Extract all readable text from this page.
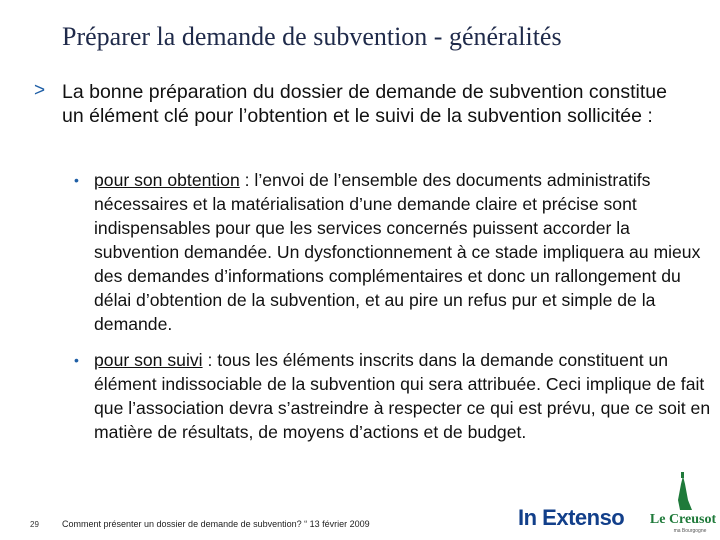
Préparer la demande de subvention - généralités
> La bonne préparation du dossier de demande de subvention constitue un élément clé pour l’obtention et le suivi de la subvention sollicitée :
• pour son obtention : l’envoi de l’ensemble des documents administratifs nécessaires et la matérialisation d’une demande claire et précise sont indispensables pour que les services concernés puissent accorder la subvention demandée. Un dysfonctionnement à ce stade impliquera au mieux des demandes d’informations complémentaires et donc un rallongement du délai d’obtention de la subvention, et au pire un refus pur et simple de la demande.
• pour son suivi : tous les éléments inscrits dans la demande constituent un élément indissociable de la subvention qui sera attribuée. Ceci implique de fait que l’association devra s’astreindre à respecter ce qui est prévu, que ce soit en matière de résultats, de moyens d’actions et de budget.
29	Comment présenter un dossier de demande de subvention? “ 13 février 2009	In Extenso Le Creusot
ma Bourgogne
